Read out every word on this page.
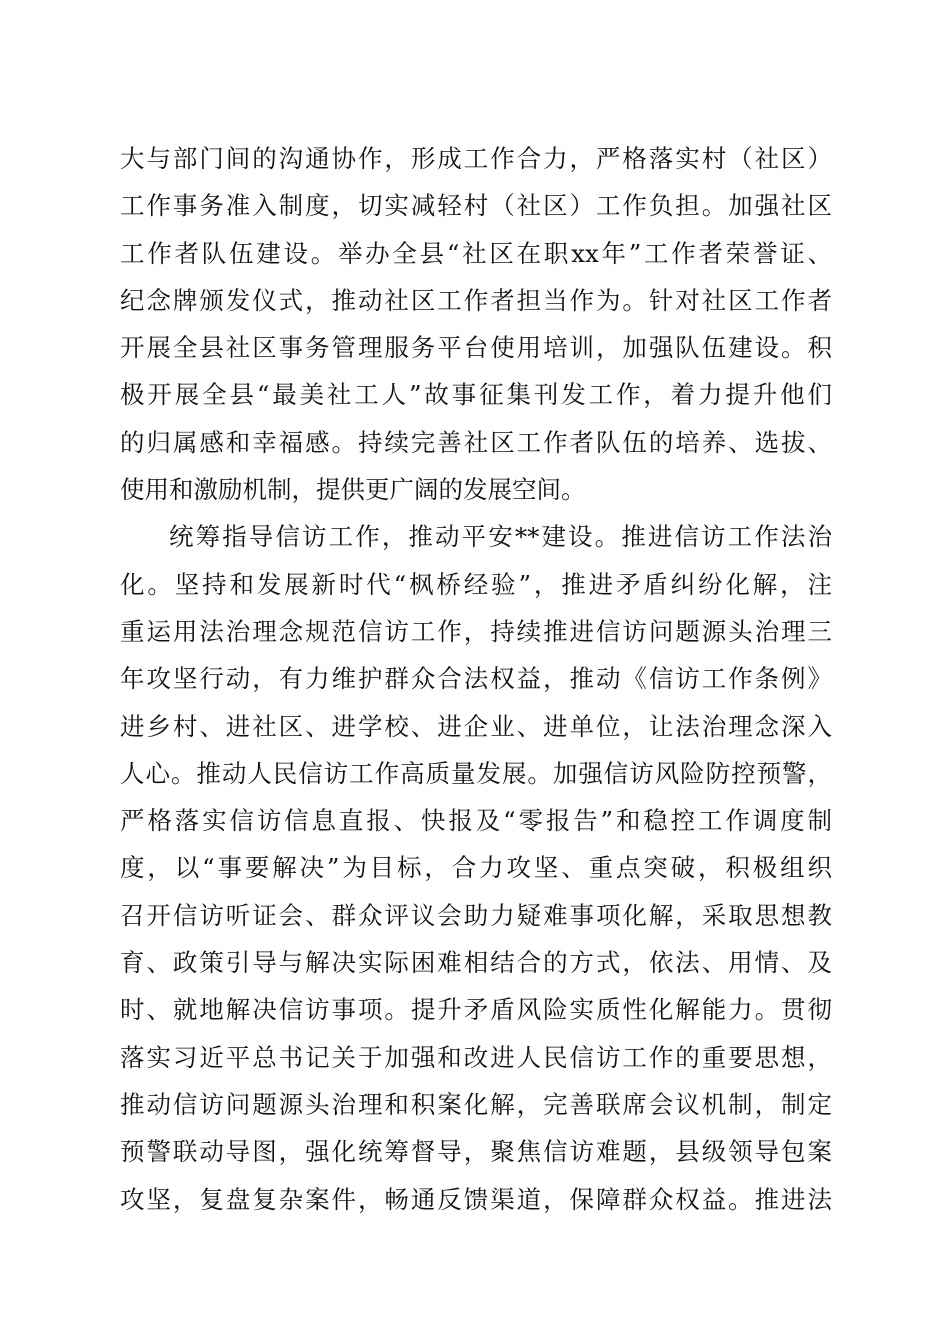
大与部门间的沟通协作，形成工作合力，严格落实村（社区）
工作事务准入制度，切实减轻村（社区）工作负担。加强社区
工作者队伍建设。举办全县“社区在职xx年”工作者荣誉证、
纪念牌颁发仪式，推动社区工作者担当作为。针对社区工作者
开展全县社区事务管理服务平台使用培训，加强队伍建设。积
极开展全县“最美社工人”故事征集刊发工作，着力提升他们
的归属感和幸福感。持续完善社区工作者队伍的培养、选拔、
使用和激励机制，提供更广阔的发展空间。
统筹指导信访工作，推动平安**建设。推进信访工作法治
化。坚持和发展新时代“枫桥经验”，推进矛盾纠纷化解，注
重运用法治理念规范信访工作，持续推进信访问题源头治理三
年攻坚行动，有力维护群众合法权益，推动《信访工作条例》
进乡村、进社区、进学校、进企业、进单位，让法治理念深入
人心。推动人民信访工作高质量发展。加强信访风险防控预警，
严格落实信访信息直报、快报及“零报告”和稳控工作调度制
度，以“事要解决”为目标，合力攻坚、重点突破，积极组织
召开信访听证会、群众评议会助力疑难事项化解，采取思想教
育、政策引导与解决实际困难相结合的方式，依法、用情、及
时、就地解决信访事项。提升矛盾风险实质性化解能力。贯彻
落实习近平总书记关于加强和改进人民信访工作的重要思想，
推动信访问题源头治理和积案化解，完善联席会议机制，制定
预警联动导图，强化统筹督导，聚焦信访难题，县级领导包案
攻坚，复盘复杂案件，畅通反馈渠道，保障群众权益。推进法
